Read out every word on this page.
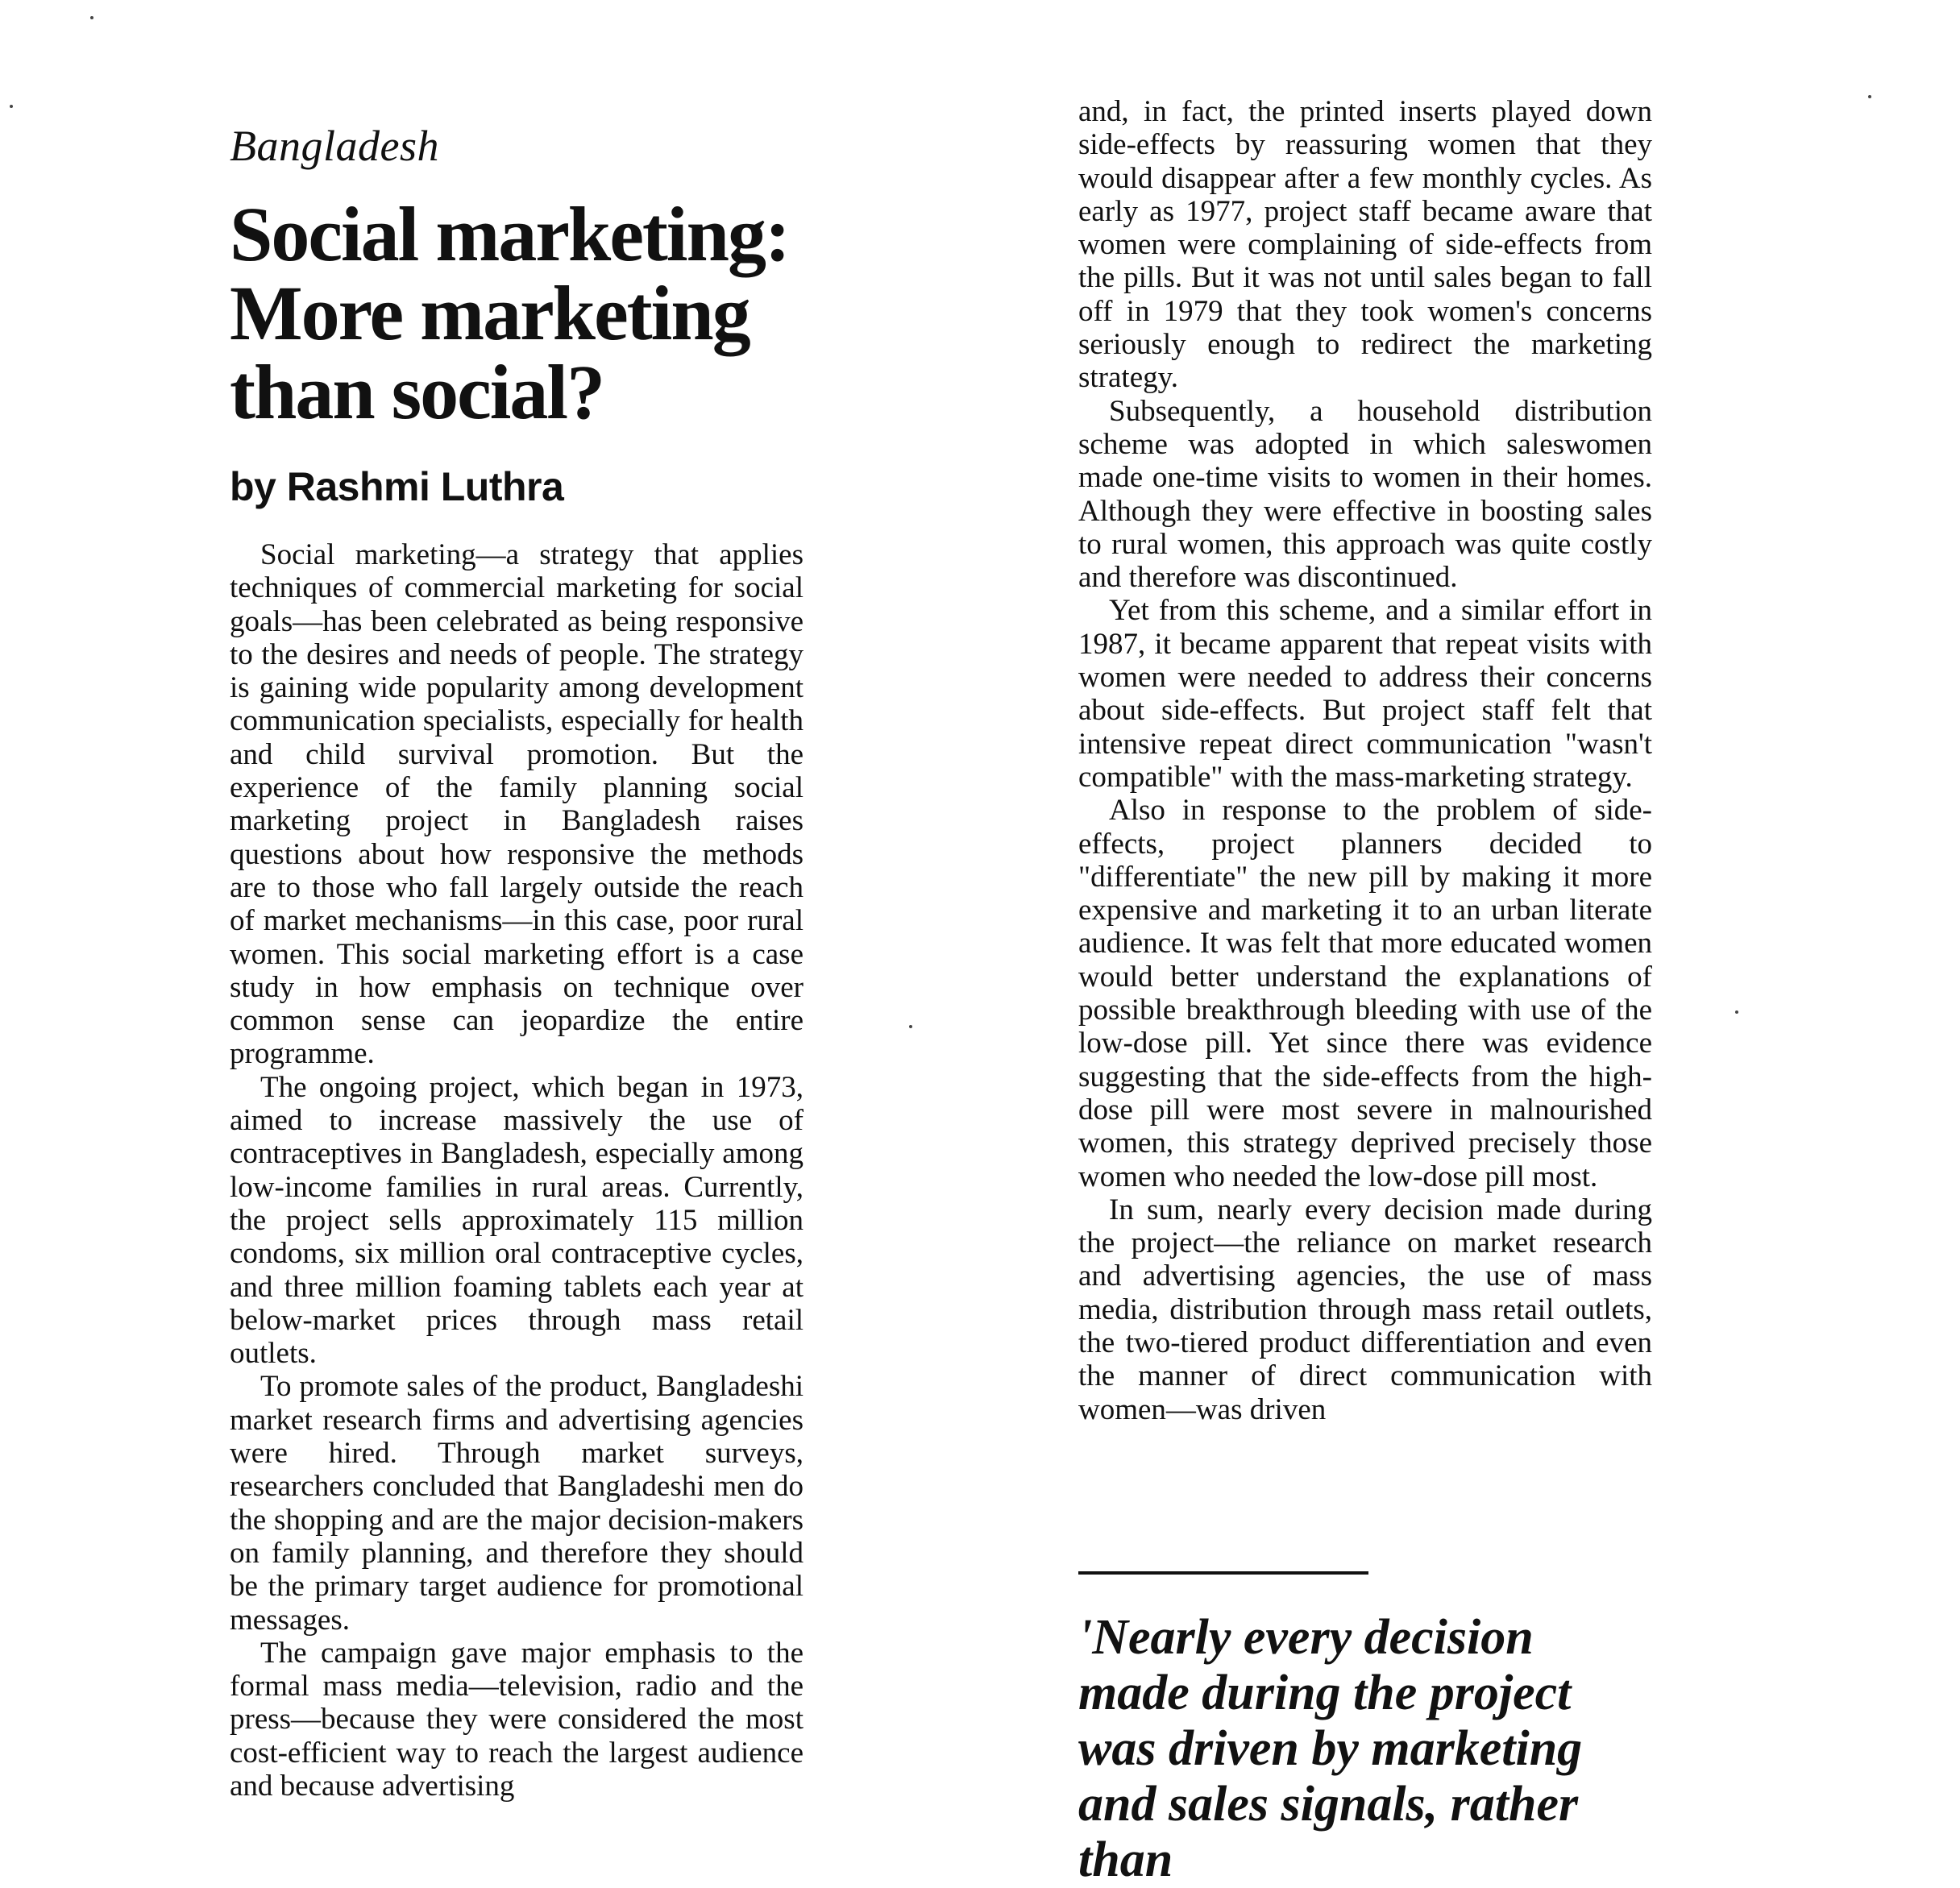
Bangladesh
Social marketing: More marketing than social?
by Rashmi Luthra

Social marketing—a strategy that applies techniques of commercial marketing for social goals—has been celebrated as being responsive to the desires and needs of people. The strategy is gaining wide popularity among development communication specialists, especially for health and child survival promotion. But the experience of the family planning social marketing project in Bangladesh raises questions about how responsive the methods are to those who fall largely outside the reach of market mechanisms—in this case, poor rural women. This social marketing effort is a case study in how emphasis on technique over common sense can jeopardize the entire programme.

The ongoing project, which began in 1973, aimed to increase massively the use of contraceptives in Bangladesh, especially among low-income families in rural areas. Currently, the project sells approximately 115 million condoms, six million oral contraceptive cycles, and three million foaming tablets each year at below-market prices through mass retail outlets.

To promote sales of the product, Bangladeshi market research firms and advertising agencies were hired. Through market surveys, researchers concluded that Bangladeshi men do the shopping and are the major decision-makers on family planning, and therefore they should be the primary target audience for promotional messages.

The campaign gave major emphasis to the formal mass media—television, radio and the press—because they were considered the most cost-efficient way to reach the largest audience and because advertising

and, in fact, the printed inserts played down side-effects by reassuring women that they would disappear after a few monthly cycles. As early as 1977, project staff became aware that women were complaining of side-effects from the pills. But it was not until sales began to fall off in 1979 that they took women's concerns seriously enough to redirect the marketing strategy.

Subsequently, a household distribution scheme was adopted in which saleswomen made one-time visits to women in their homes. Although they were effective in boosting sales to rural women, this approach was quite costly and therefore was discontinued.

Yet from this scheme, and a similar effort in 1987, it became apparent that repeat visits with women were needed to address their concerns about side-effects. But project staff felt that intensive repeat direct communication "wasn't compatible" with the mass-marketing strategy.

Also in response to the problem of side-effects, project planners decided to "differentiate" the new pill by making it more expensive and marketing it to an urban literate audience. It was felt that more educated women would better understand the explanations of possible breakthrough bleeding with use of the low-dose pill. Yet since there was evidence suggesting that the side-effects from the high-dose pill were most severe in malnourished women, this strategy deprived precisely those women who needed the low-dose pill most.

In sum, nearly every decision made during the project—the reliance on market research and advertising agencies, the use of mass media, distribution through mass retail outlets, the two-tiered product differentiation and even the manner of direct communication with women—was driven

'Nearly every decision made during the project was driven by marketing and sales signals, rather than
